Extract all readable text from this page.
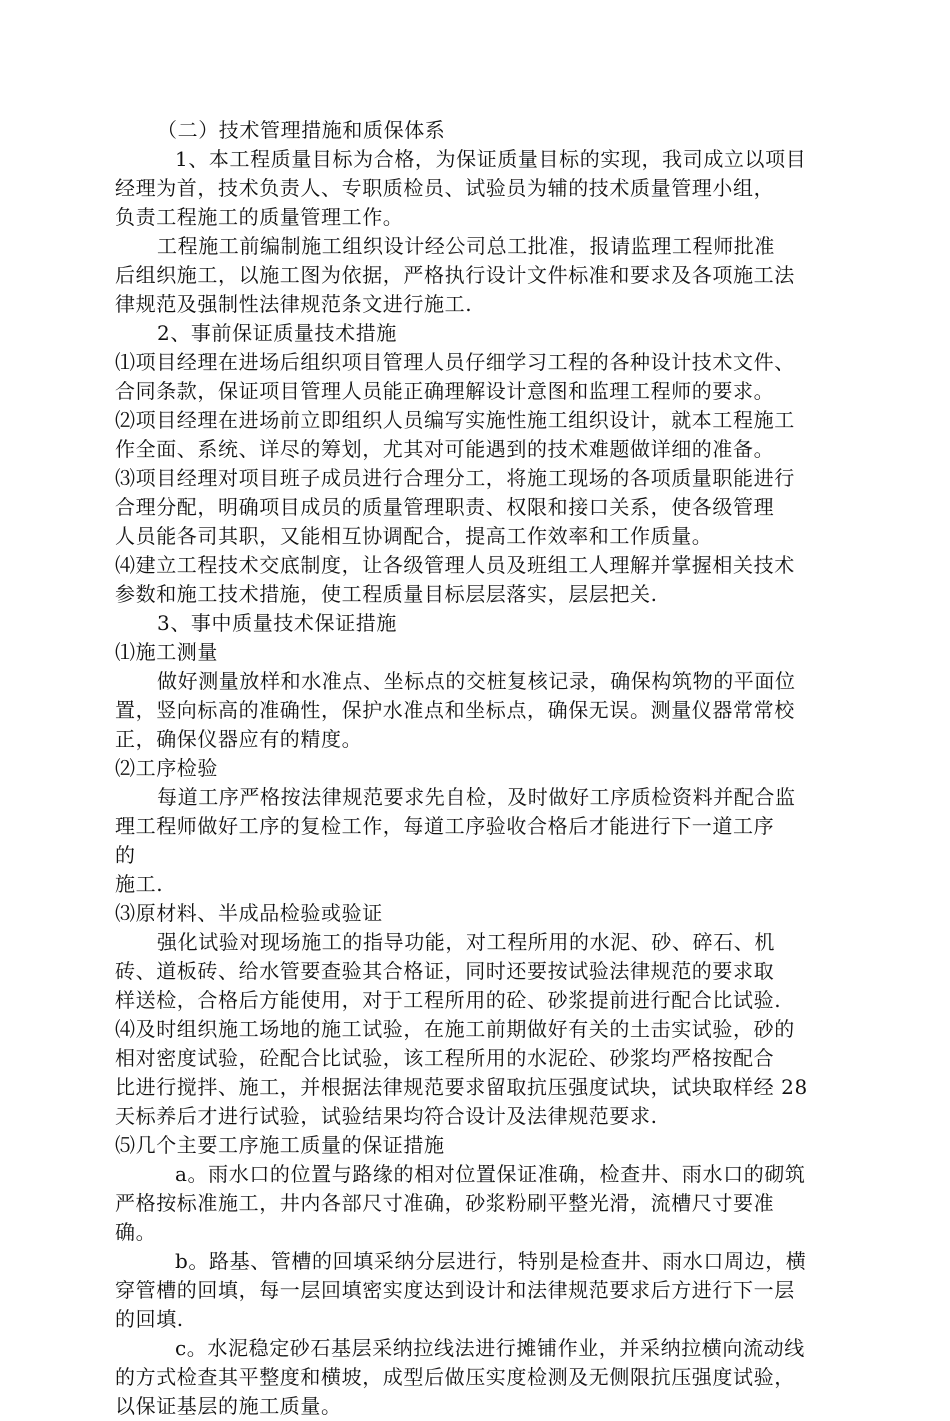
（二）技术管理措施和质保体系
1、本工程质量目标为合格，为保证质量目标的实现，我司成立以项目
经理为首，技术负责人、专职质检员、试验员为辅的技术质量管理小组，
负责工程施工的质量管理工作。
工程施工前编制施工组织设计经公司总工批准，报请监理工程师批准
后组织施工，以施工图为依据，严格执行设计文件标准和要求及各项施工法
律规范及强制性法律规范条文进行施工.
2、事前保证质量技术措施
⑴项目经理在进场后组织项目管理人员仔细学习工程的各种设计技术文件、
合同条款，保证项目管理人员能正确理解设计意图和监理工程师的要求。
⑵项目经理在进场前立即组织人员编写实施性施工组织设计，就本工程施工
作全面、系统、详尽的筹划，尤其对可能遇到的技术难题做详细的准备。
⑶项目经理对项目班子成员进行合理分工，将施工现场的各项质量职能进行
合理分配，明确项目成员的质量管理职责、权限和接口关系，使各级管理
人员能各司其职，又能相互协调配合，提高工作效率和工作质量。
⑷建立工程技术交底制度，让各级管理人员及班组工人理解并掌握相关技术
参数和施工技术措施，使工程质量目标层层落实，层层把关.
3、事中质量技术保证措施
⑴施工测量
做好测量放样和水准点、坐标点的交桩复核记录，确保构筑物的平面位
置，竖向标高的准确性，保护水准点和坐标点，确保无误。测量仪器常常校
正，确保仪器应有的精度。
⑵工序检验
每道工序严格按法律规范要求先自检，及时做好工序质检资料并配合监
理工程师做好工序的复检工作，每道工序验收合格后才能进行下一道工序
的
施工.
⑶原材料、半成品检验或验证
强化试验对现场施工的指导功能，对工程所用的水泥、砂、碎石、机
砖、道板砖、给水管要查验其合格证，同时还要按试验法律规范的要求取
样送检，合格后方能使用，对于工程所用的砼、砂浆提前进行配合比试验.
⑷及时组织施工场地的施工试验，在施工前期做好有关的土击实试验，砂的
相对密度试验，砼配合比试验，该工程所用的水泥砼、砂浆均严格按配合
比进行搅拌、施工，并根据法律规范要求留取抗压强度试块，试块取样经 28
天标养后才进行试验，试验结果均符合设计及法律规范要求.
⑸几个主要工序施工质量的保证措施
a。雨水口的位置与路缘的相对位置保证准确，检查井、雨水口的砌筑
严格按标准施工，井内各部尺寸准确，砂浆粉刷平整光滑，流槽尺寸要准
确。
b。路基、管槽的回填采纳分层进行，特别是检查井、雨水口周边，横
穿管槽的回填，每一层回填密实度达到设计和法律规范要求后方进行下一层
的回填.
c。水泥稳定砂石基层采纳拉线法进行摊铺作业，并采纳拉横向流动线
的方式检查其平整度和横坡，成型后做压实度检测及无侧限抗压强度试验，
以保证基层的施工质量。
